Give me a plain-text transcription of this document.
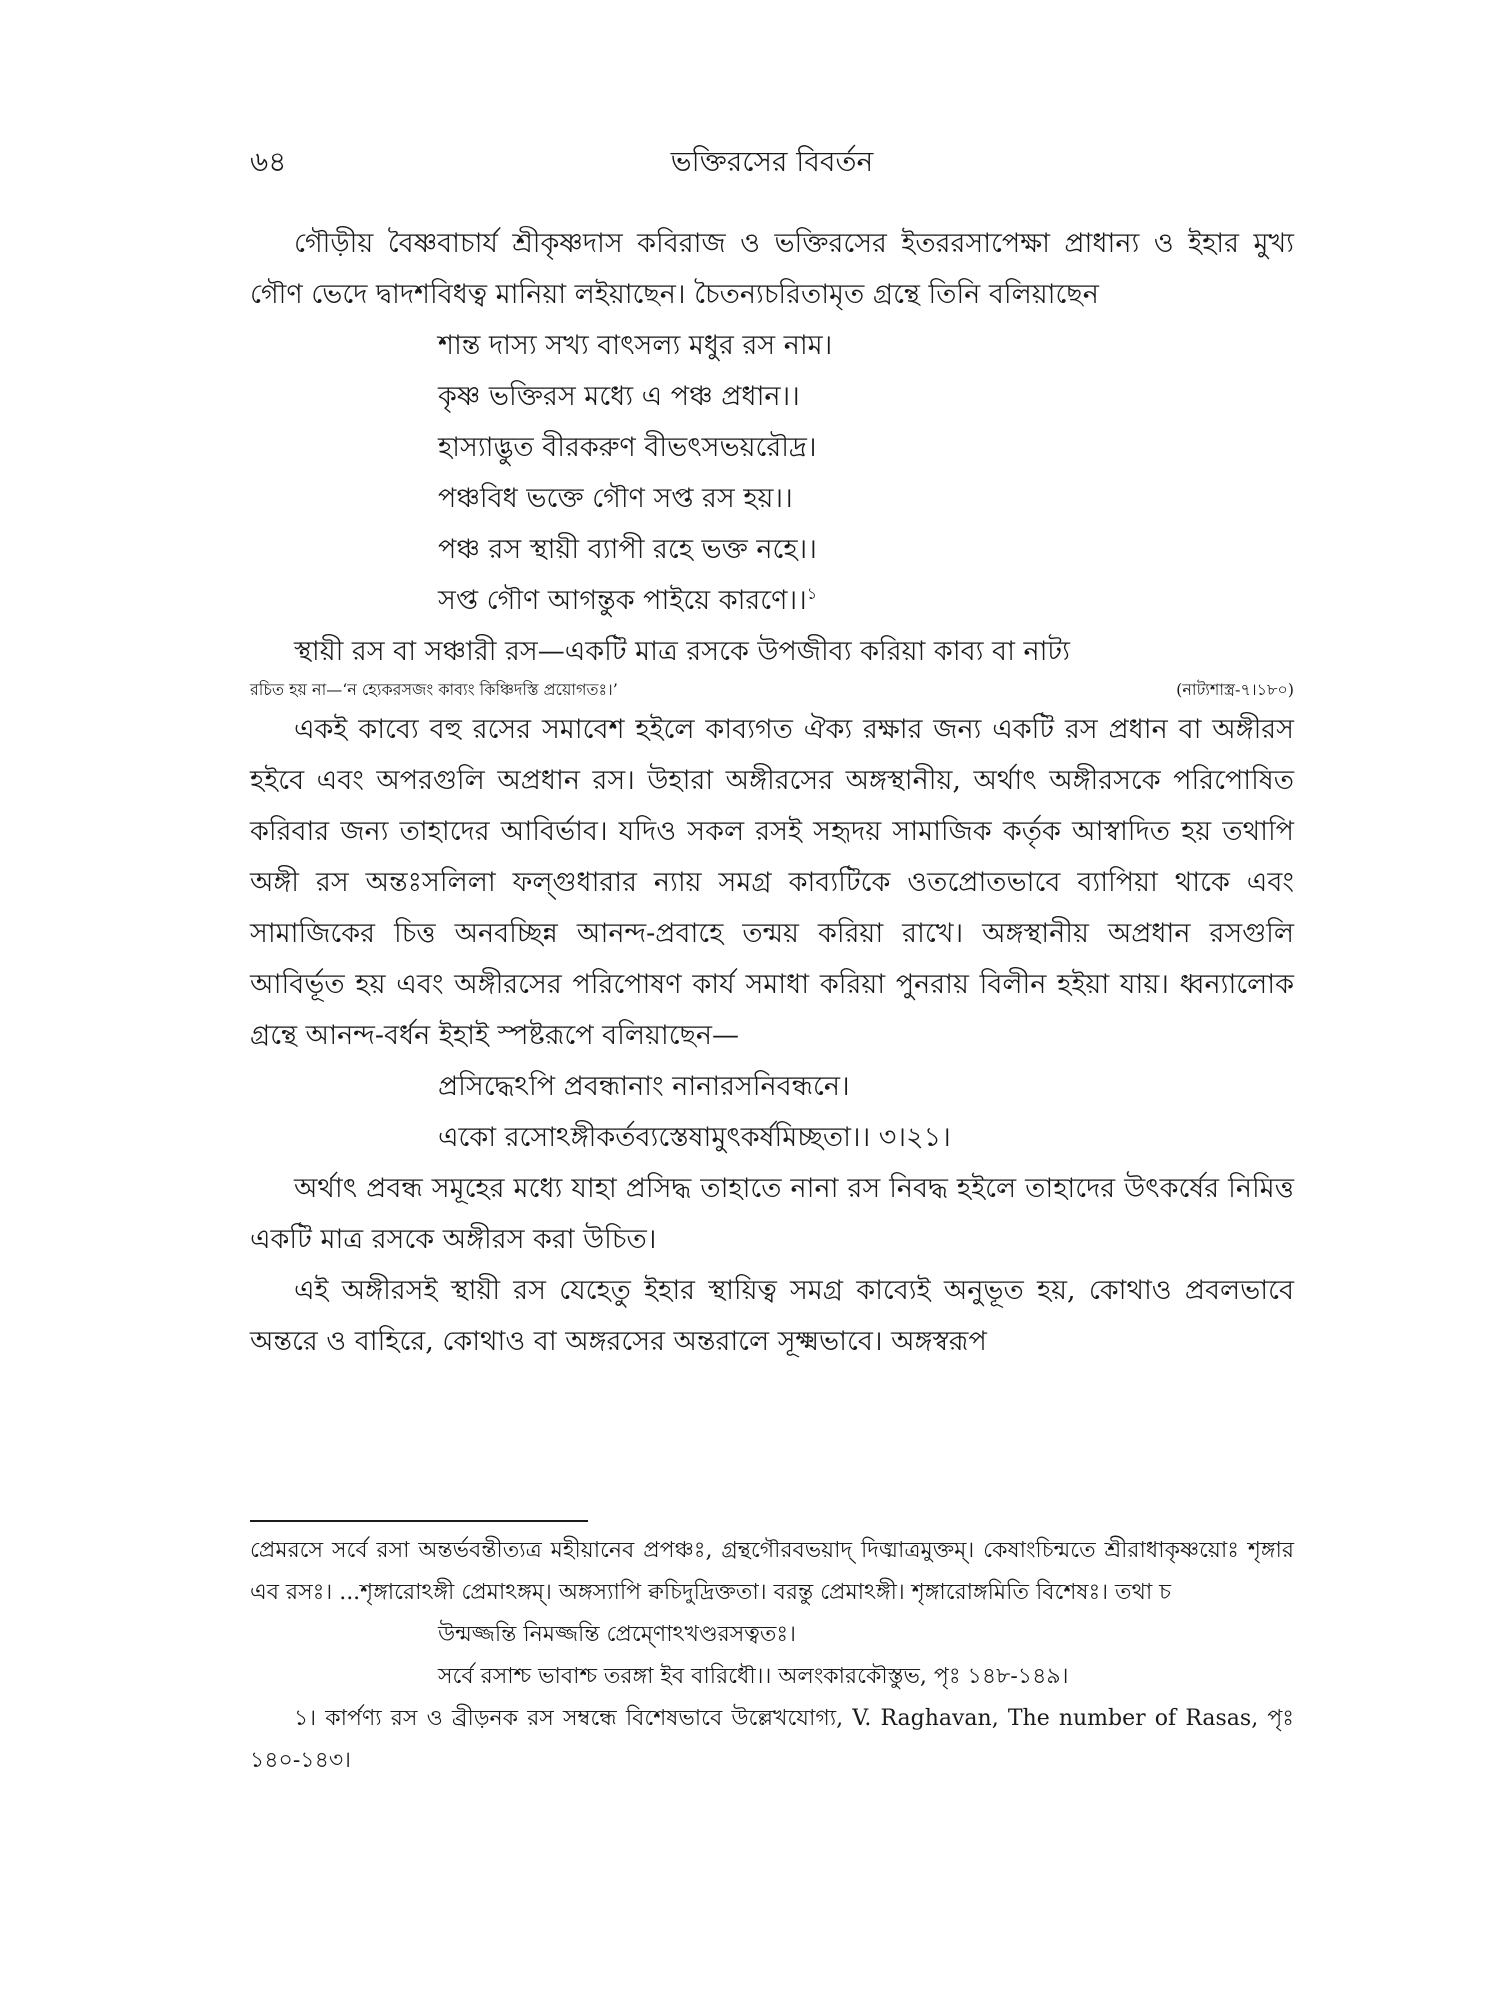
৬৪	ভক্তিরসের বিবর্তন

গৌড়ীয় বৈষ্ণবাচার্য শ্রীকৃষ্ণদাস কবিরাজ ও ভক্তিরসের ইতররসাপেক্ষা প্রাধান্য ও ইহার মুখ্য গৌণ ভেদে দ্বাদশবিধত্ব মানিয়া লইয়াছেন। চৈতন্যচরিতামৃত গ্রন্থে তিনি বলিয়াছেন

শান্ত দাস্য সখ্য বাৎসল্য মধুর রস নাম।
কৃষ্ণ ভক্তিরস মধ্যে এ পঞ্চ প্রধান।।
হাস্যাদ্ভুত বীরকরুণ বীভৎসভয়রৌদ্র।
পঞ্চবিধ ভক্তে গৌণ সপ্ত রস হয়।।
পঞ্চ রস স্থায়ী ব্যাপী রহে ভক্ত নহে।।
সপ্ত গৌণ আগন্তুক পাইয়ে কারণে।।$^১$

স্থায়ী রস বা সঞ্চারী রস—একটি মাত্র রসকে উপজীব্য করিয়া কাব্য বা নাট্য

রচিত হয় না—‘ন হ্যেকরসজং কাব্যং কিঞ্চিদস্তি প্রয়োগতঃ।’	(নাট্যশাস্ত্র-৭।১৮০)

একই কাব্যে বহু রসের সমাবেশ হইলে কাব্যগত ঐক্য রক্ষার জন্য একটি রস প্রধান বা অঙ্গীরস হইবে এবং অপরগুলি অপ্রধান রস। উহারা অঙ্গীরসের অঙ্গস্থানীয়, অর্থাৎ অঙ্গীরসকে পরিপোষিত করিবার জন্য তাহাদের আবির্ভাব। যদিও সকল রসই সহৃদয় সামাজিক কর্তৃক আস্বাদিত হয় তথাপি অঙ্গী রস অন্তঃসলিলা ফল্গুধারার ন্যায় সমগ্র কাব্যটিকে ওতপ্রোতভাবে ব্যাপিয়া থাকে এবং সামাজিকের চিত্ত অনবচ্ছিন্ন আনন্দ-প্রবাহে তন্ময় করিয়া রাখে। অঙ্গস্থানীয় অপ্রধান রসগুলি আবির্ভূত হয় এবং অঙ্গীরসের পরিপোষণ কার্য সমাধা করিয়া পুনরায় বিলীন হইয়া যায়। ধ্বন্যালোক গ্রন্থে আনন্দ-বর্ধন ইহাই স্পষ্টরূপে বলিয়াছেন—

প্রসিদ্ধেঽপি প্রবন্ধানাং নানারসনিবন্ধনে।
একো রসোঽঙ্গীকর্তব্যস্তেষামুৎকর্ষমিচ্ছতা।। ৩।২১।

অর্থাৎ প্রবন্ধ সমূহের মধ্যে যাহা প্রসিদ্ধ তাহাতে নানা রস নিবদ্ধ হইলে তাহাদের উৎকর্ষের নিমিত্ত একটি মাত্র রসকে অঙ্গীরস করা উচিত।

এই অঙ্গীরসই স্থায়ী রস যেহেতু ইহার স্থায়িত্ব সমগ্র কাব্যেই অনুভূত হয়, কোথাও প্রবলভাবে অন্তরে ও বাহিরে, কোথাও বা অঙ্গরসের অন্তরালে সূক্ষ্মভাবে। অঙ্গস্বরূপ

প্রেমরসে সর্বে রসা অন্তর্ভবন্তীত্যত্র মহীয়ানেব প্রপঞ্চঃ, গ্রন্থগৌরবভয়াদ্ দিঙ্মাত্রমুক্তম্। কেষাংচিন্মতে শ্রীরাধাকৃষ্ণয়োঃ শৃঙ্গার এব রসঃ। ...শৃঙ্গারোঽঙ্গী প্রেমাঽঙ্গম্। অঙ্গস্যাপি ক্বচিদুদ্রিক্ততা। বরন্তু প্রেমাঽঙ্গী। শৃঙ্গারোঙ্গমিতি বিশেষঃ। তথা চ

উন্মজ্জন্তি নিমজ্জন্তি প্রেম্ণোঽখণ্ডরসত্বতঃ।
সর্বে রসাশ্চ ভাবাশ্চ তরঙ্গা ইব বারিধৌ।। অলংকারকৌস্তুভ, পৃঃ ১৪৮-১৪৯।

১। কার্পণ্য রস ও ব্রীড়নক রস সম্বন্ধে বিশেষভাবে উল্লেখযোগ্য, V. Raghavan, The number of Rasas, পৃঃ ১৪০-১৪৩।
